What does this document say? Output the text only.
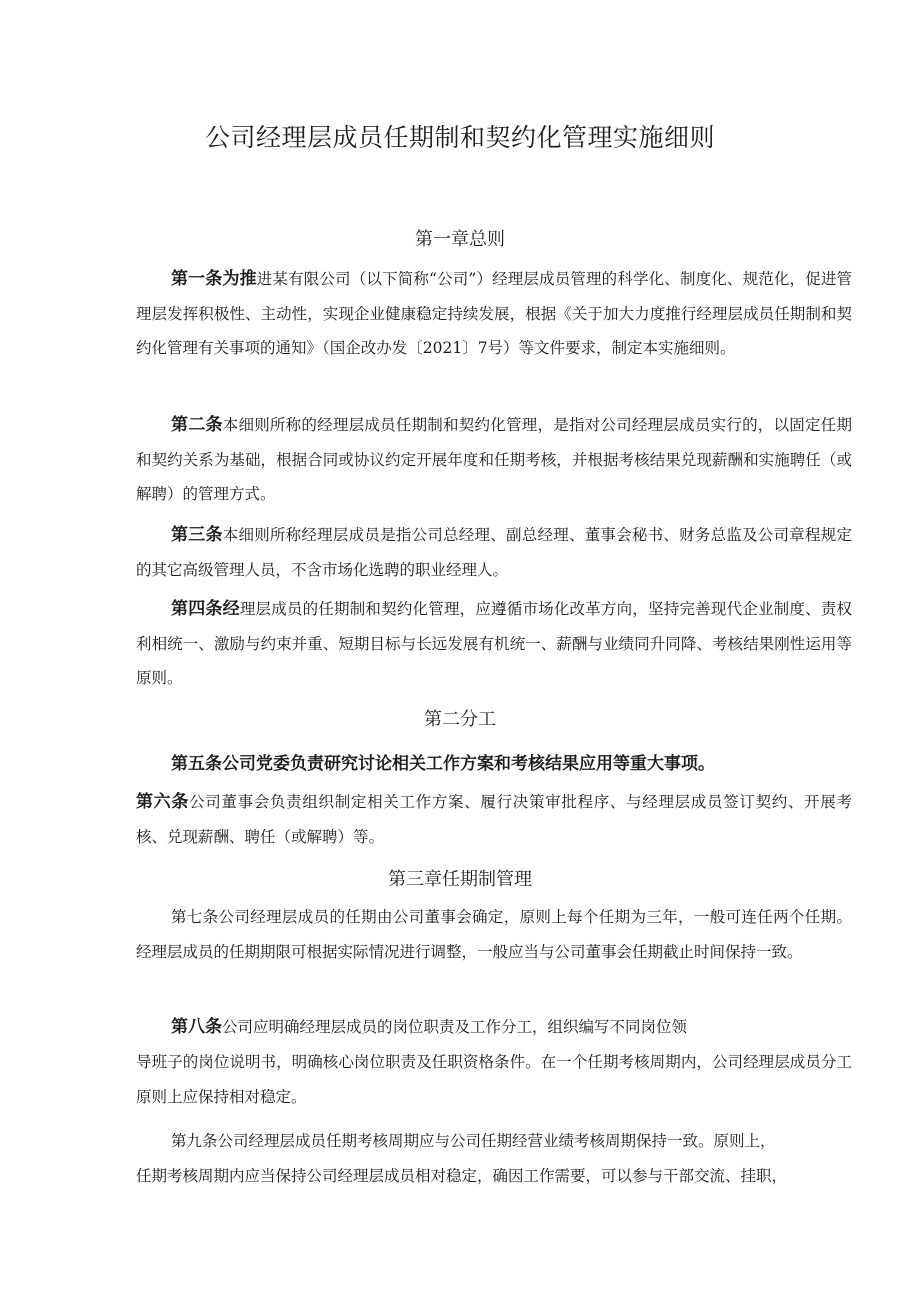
公司经理层成员任期制和契约化管理实施细则
第一章总则

第一条为推进某有限公司（以下简称“公司”）经理层成员管理的科学化、制度化、规范化，促进管理层发挥积极性、主动性，实现企业健康稳定持续发展，根据《关于加大力度推行经理层成员任期制和契约化管理有关事项的通知》（国企改办发〔2021〕7号）等文件要求，制定本实施细则。

第二条本细则所称的经理层成员任期制和契约化管理，是指对公司经理层成员实行的，以固定任期和契约关系为基础，根据合同或协议约定开展年度和任期考核，并根据考核结果兑现薪酬和实施聘任（或解聘）的管理方式。

第三条本细则所称经理层成员是指公司总经理、副总经理、董事会秘书、财务总监及公司章程规定的其它高级管理人员，不含市场化选聘的职业经理人。

第四条经理层成员的任期制和契约化管理，应遵循市场化改革方向，坚持完善现代企业制度、责权利相统一、激励与约束并重、短期目标与长远发展有机统一、薪酬与业绩同升同降、考核结果刚性运用等原则。

第二分工

第五条公司党委负责研究讨论相关工作方案和考核结果应用等重大事项。

第六条公司董事会负责组织制定相关工作方案、履行决策审批程序、与经理层成员签订契约、开展考核、兑现薪酬、聘任（或解聘）等。

第三章任期制管理

第七条公司经理层成员的任期由公司董事会确定，原则上每个任期为三年，一般可连任两个任期。经理层成员的任期期限可根据实际情况进行调整，一般应当与公司董事会任期截止时间保持一致。

第八条公司应明确经理层成员的岗位职责及工作分工，组织编写不同岗位领

导班子的岗位说明书，明确核心岗位职责及任职资格条件。在一个任期考核周期内，公司经理层成员分工原则上应保持相对稳定。

第九条公司经理层成员任期考核周期应与公司任期经营业绩考核周期保持一致。原则上，

任期考核周期内应当保持公司经理层成员相对稳定，确因工作需要，可以参与干部交流、挂职，
